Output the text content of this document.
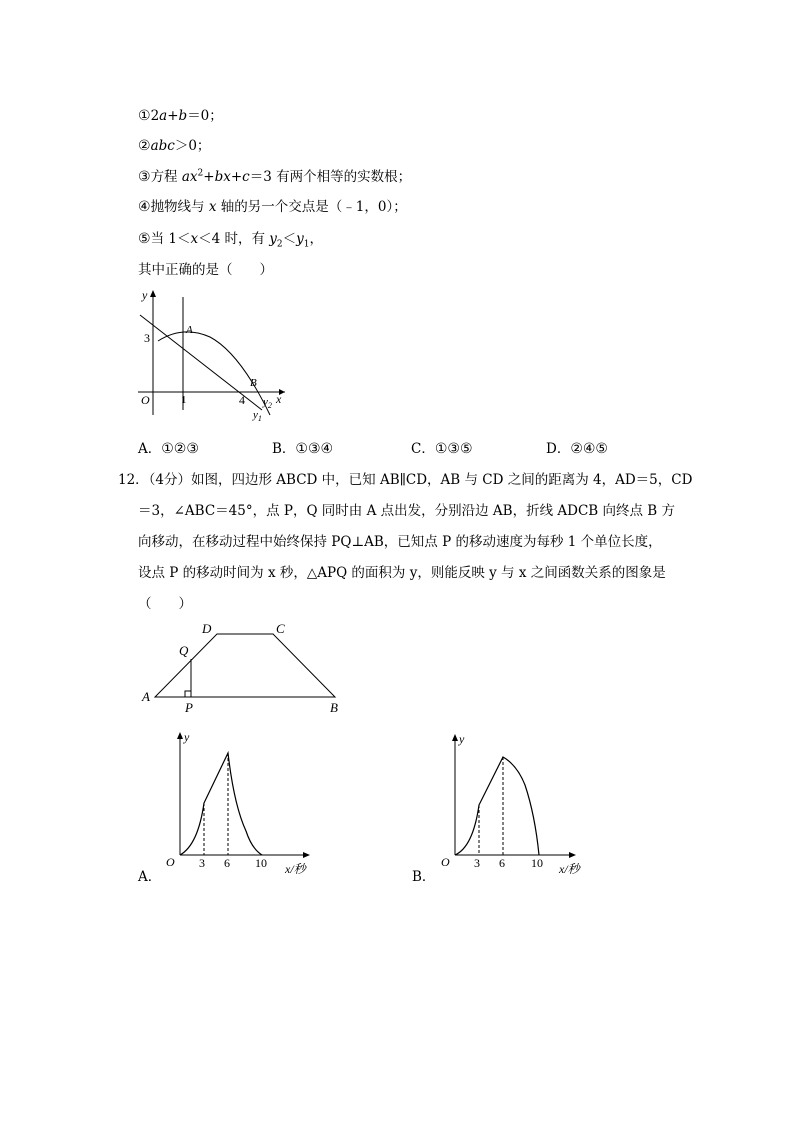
①2a+b＝0；
②abc＞0；
③方程 $ax^2+bx+c=3$ 有两个相等的实数根；
④抛物线与 x 轴的另一个交点是（﹣1，0）；
⑤当 1＜x＜4 时，有 $y_2<y_1$，
其中正确的是（　　）
y
x
O
3
1	4
A
B
$y_2$
$y_1$
A．①②③	B．①③④	C．①③⑤	D．②④⑤
12．（4分）如图，四边形 ABCD 中，已知 AB∥CD，AB 与 CD 之间的距离为 4，AD＝5，CD
＝3，∠ABC＝45°，点 P，Q 同时由 A 点出发，分别沿边 AB，折线 ADCB 向终点 B 方
向移动，在移动过程中始终保持 PQ⊥AB，已知点 P 的移动速度为每秒 1 个单位长度，
设点 P 的移动时间为 x 秒，△APQ 的面积为 y，则能反映 y 与 x 之间函数关系的图象是
（　　）
A
B
C
D
P
Q
y
O 3 6 10 x/秒
A．
y
O 3 6 10 x/秒
B．
